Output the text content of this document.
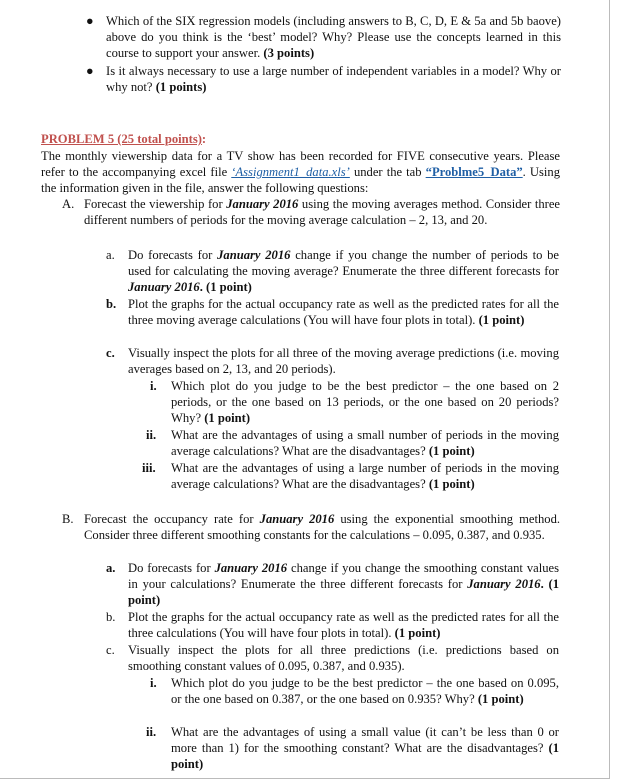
● Which of the SIX regression models (including answers to B, C, D, E & 5a and 5b baove) above do you think is the ‘best’ model? Why? Please use the concepts learned in this course to support your answer. (3 points)
● Is it always necessary to use a large number of independent variables in a model? Why or why not? (1 points)
PROBLEM 5 (25 total points):
The monthly viewership data for a TV show has been recorded for FIVE consecutive years. Please refer to the accompanying excel file ‘Assignment1_data.xls’ under the tab “Problme5_Data”. Using the information given in the file, answer the following questions:
A. Forecast the viewership for January 2016 using the moving averages method. Consider three different numbers of periods for the moving average calculation – 2, 13, and 20.
a. Do forecasts for January 2016 change if you change the number of periods to be used for calculating the moving average? Enumerate the three different forecasts for January 2016. (1 point)
b. Plot the graphs for the actual occupancy rate as well as the predicted rates for all the three moving average calculations (You will have four plots in total). (1 point)
c. Visually inspect the plots for all three of the moving average predictions (i.e. moving averages based on 2, 13, and 20 periods).
i. Which plot do you judge to be the best predictor – the one based on 2 periods, or the one based on 13 periods, or the one based on 20 periods? Why? (1 point)
ii. What are the advantages of using a small number of periods in the moving average calculations? What are the disadvantages? (1 point)
iii. What are the advantages of using a large number of periods in the moving average calculations? What are the disadvantages? (1 point)
B. Forecast the occupancy rate for January 2016 using the exponential smoothing method. Consider three different smoothing constants for the calculations – 0.095, 0.387, and 0.935.
a. Do forecasts for January 2016 change if you change the smoothing constant values in your calculations? Enumerate the three different forecasts for January 2016. (1 point)
b. Plot the graphs for the actual occupancy rate as well as the predicted rates for all the three calculations (You will have four plots in total). (1 point)
c. Visually inspect the plots for all three predictions (i.e. predictions based on smoothing constant values of 0.095, 0.387, and 0.935).
i. Which plot do you judge to be the best predictor – the one based on 0.095, or the one based on 0.387, or the one based on 0.935? Why? (1 point)
ii. What are the advantages of using a small value (it can’t be less than 0 or more than 1) for the smoothing constant? What are the disadvantages? (1 point)
